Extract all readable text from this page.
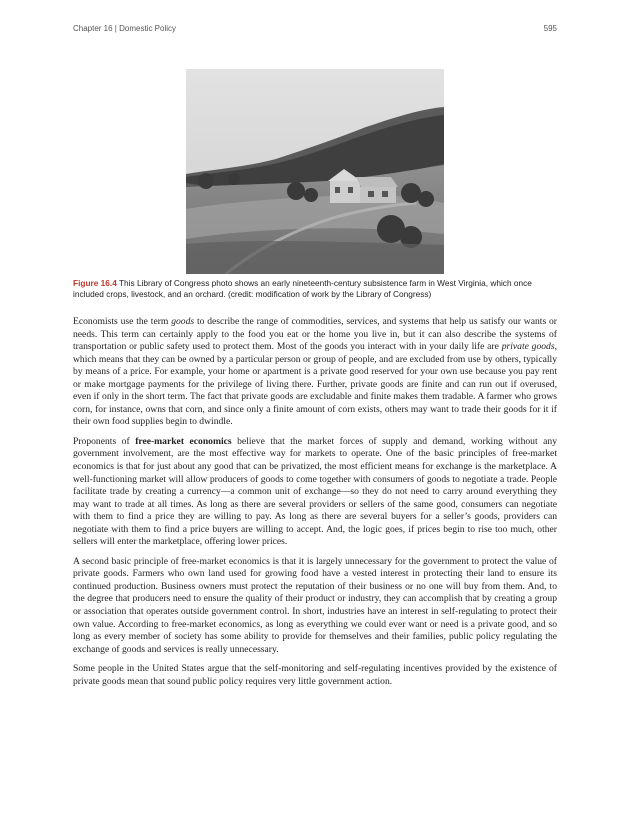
Chapter 16 | Domestic Policy	595
Figure 16.4 This Library of Congress photo shows an early nineteenth-century subsistence farm in West Virginia, which once included crops, livestock, and an orchard. (credit: modification of work by the Library of Congress)

Economists use the term goods to describe the range of commodities, services, and systems that help us satisfy our wants or needs. This term can certainly apply to the food you eat or the home you live in, but it can also describe the systems of transportation or public safety used to protect them. Most of the goods you interact with in your daily life are private goods, which means that they can be owned by a particular person or group of people, and are excluded from use by others, typically by means of a price. For example, your home or apartment is a private good reserved for your own use because you pay rent or make mortgage payments for the privilege of living there. Further, private goods are finite and can run out if overused, even if only in the short term. The fact that private goods are excludable and finite makes them tradable. A farmer who grows corn, for instance, owns that corn, and since only a finite amount of corn exists, others may want to trade their goods for it if their own food supplies begin to dwindle.

Proponents of free-market economics believe that the market forces of supply and demand, working without any government involvement, are the most effective way for markets to operate. One of the basic principles of free-market economics is that for just about any good that can be privatized, the most efficient means for exchange is the marketplace. A well-functioning market will allow producers of goods to come together with consumers of goods to negotiate a trade. People facilitate trade by creating a currency—a common unit of exchange—so they do not need to carry around everything they may want to trade at all times. As long as there are several providers or sellers of the same good, consumers can negotiate with them to find a price they are willing to pay. As long as there are several buyers for a seller’s goods, providers can negotiate with them to find a price buyers are willing to accept. And, the logic goes, if prices begin to rise too much, other sellers will enter the marketplace, offering lower prices.

A second basic principle of free-market economics is that it is largely unnecessary for the government to protect the value of private goods. Farmers who own land used for growing food have a vested interest in protecting their land to ensure its continued production. Business owners must protect the reputation of their business or no one will buy from them. And, to the degree that producers need to ensure the quality of their product or industry, they can accomplish that by creating a group or association that operates outside government control. In short, industries have an interest in self-regulating to protect their own value. According to free-market economics, as long as everything we could ever want or need is a private good, and so long as every member of society has some ability to provide for themselves and their families, public policy regulating the exchange of goods and services is really unnecessary.

Some people in the United States argue that the self-monitoring and self-regulating incentives provided by the existence of private goods mean that sound public policy requires very little government action.
